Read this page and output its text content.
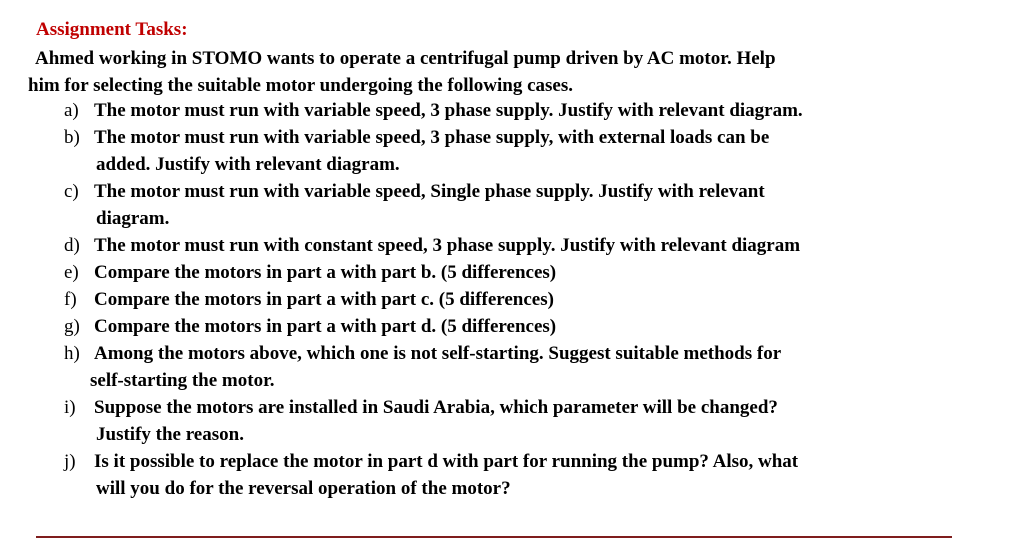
Assignment Tasks:
Ahmed working in STOMO wants to operate a centrifugal pump driven by AC motor. Help
him for selecting the suitable motor undergoing the following cases.
a) The motor must run with variable speed, 3 phase supply. Justify with relevant diagram.
b) The motor must run with variable speed, 3 phase supply, with external loads can be
added. Justify with relevant diagram.
c) The motor must run with variable speed, Single phase supply. Justify with relevant
diagram.
d) The motor must run with constant speed, 3 phase supply. Justify with relevant diagram
e) Compare the motors in part a with part b. (5 differences)
f) Compare the motors in part a with part c. (5 differences)
g) Compare the motors in part a with part d. (5 differences)
h) Among the motors above, which one is not self-starting. Suggest suitable methods for
self-starting the motor.
i) Suppose the motors are installed in Saudi Arabia, which parameter will be changed?
Justify the reason.
j) Is it possible to replace the motor in part d with part for running the pump? Also, what
will you do for the reversal operation of the motor?
